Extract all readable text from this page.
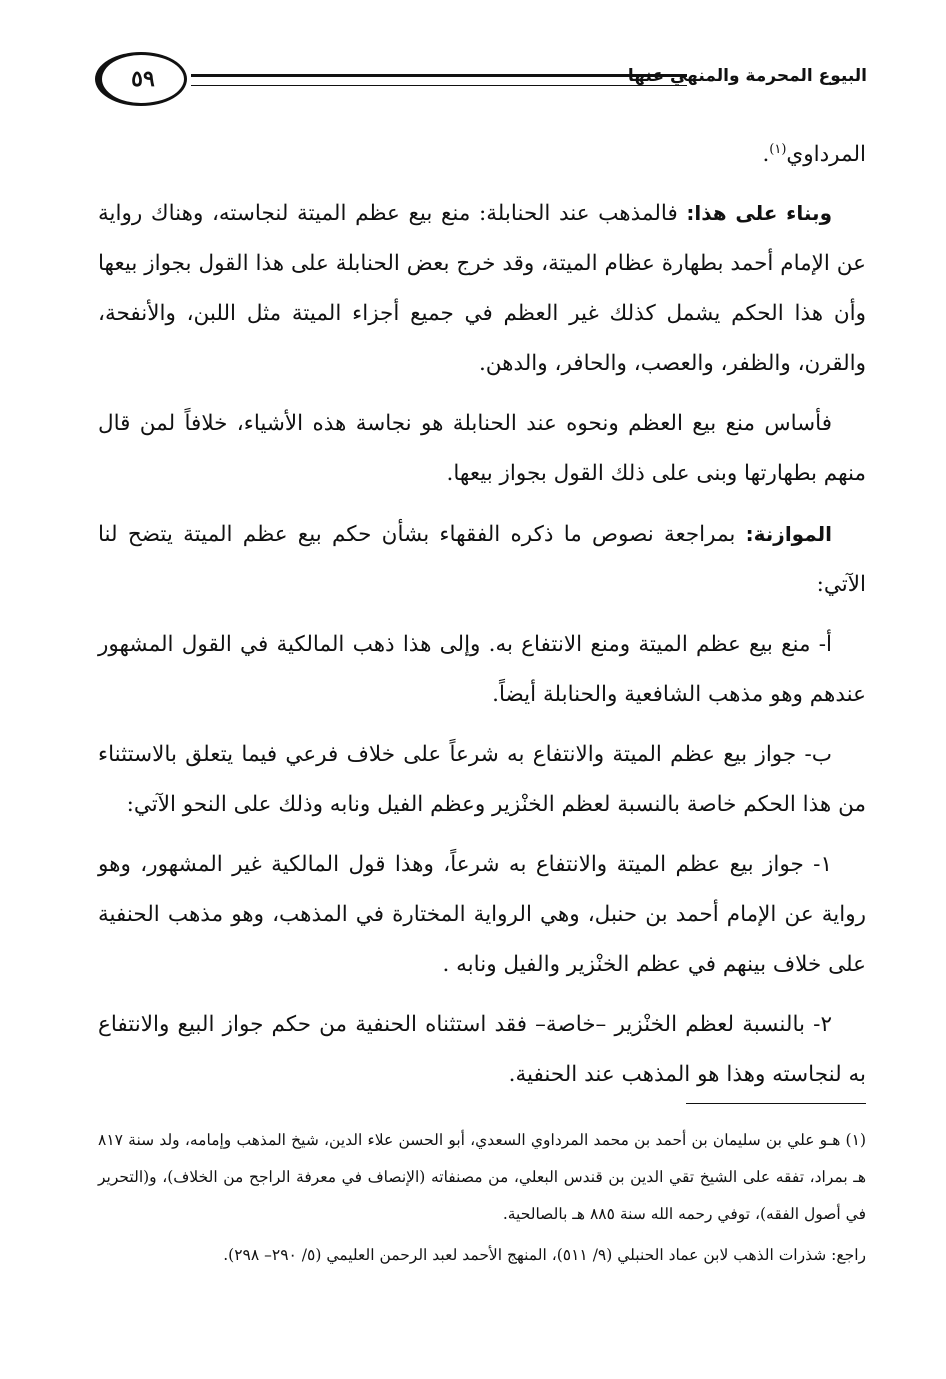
٥٩	البيوع المحرمة والمنهي عنها

المرداوي$^{(١)}$.

وبناء على هذا: فالمذهب عند الحنابلة: منع بيع عظم الميتة لنجاسته، وهناك رواية عن الإمام أحمد بطهارة عظام الميتة، وقد خرج بعض الحنابلة على هذا القول بجواز بيعها وأن هذا الحكم يشمل كذلك غير العظم في جميع أجزاء الميتة مثل اللبن، والأنفحة، والقرن، والظفر، والعصب، والحافر، والدهن.

فأساس منع بيع العظم ونحوه عند الحنابلة هو نجاسة هذه الأشياء، خلافاً لمن قال منهم بطهارتها وبنى على ذلك القول بجواز بيعها.

الموازنة: بمراجعة نصوص ما ذكره الفقهاء بشأن حكم بيع عظم الميتة يتضح لنا الآتي:

أ- منع بيع عظم الميتة ومنع الانتفاع به. وإلى هذا ذهب المالكية في القول المشهور عندهم وهو مذهب الشافعية والحنابلة أيضاً.

ب- جواز بيع عظم الميتة والانتفاع به شرعاً على خلاف فرعي فيما يتعلق بالاستثناء من هذا الحكم خاصة بالنسبة لعظم الخنْزير وعظم الفيل ونابه وذلك على النحو الآتي:

١- جواز بيع عظم الميتة والانتفاع به شرعاً، وهذا قول المالكية غير المشهور، وهو رواية عن الإمام أحمد بن حنبل، وهي الرواية المختارة في المذهب، وهو مذهب الحنفية على خلاف بينهم في عظم الخنْزير والفيل ونابه .

٢- بالنسبة لعظم الخنْزير –خاصة– فقد استثناه الحنفية من حكم جواز البيع والانتفاع به لنجاسته وهذا هو المذهب عند الحنفية.

(١) هـو علي بن سليمان بن أحمد بن محمد المرداوي السعدي، أبو الحسن علاء الدين، شيخ المذهب وإمامه، ولد سنة ٨١٧ هـ بمراد، تفقه على الشيخ تقي الدين بن قندس البعلي، من مصنفاته (الإنصاف في معرفة الراجح من الخلاف)، و(التحرير في أصول الفقه)، توفي رحمه الله سنة ٨٨٥ هـ بالصالحية.

راجع: شذرات الذهب لابن عماد الحنبلي (٩/ ٥١١)، المنهج الأحمد لعبد الرحمن العليمي (٥/ ٢٩٠– ٢٩٨).
